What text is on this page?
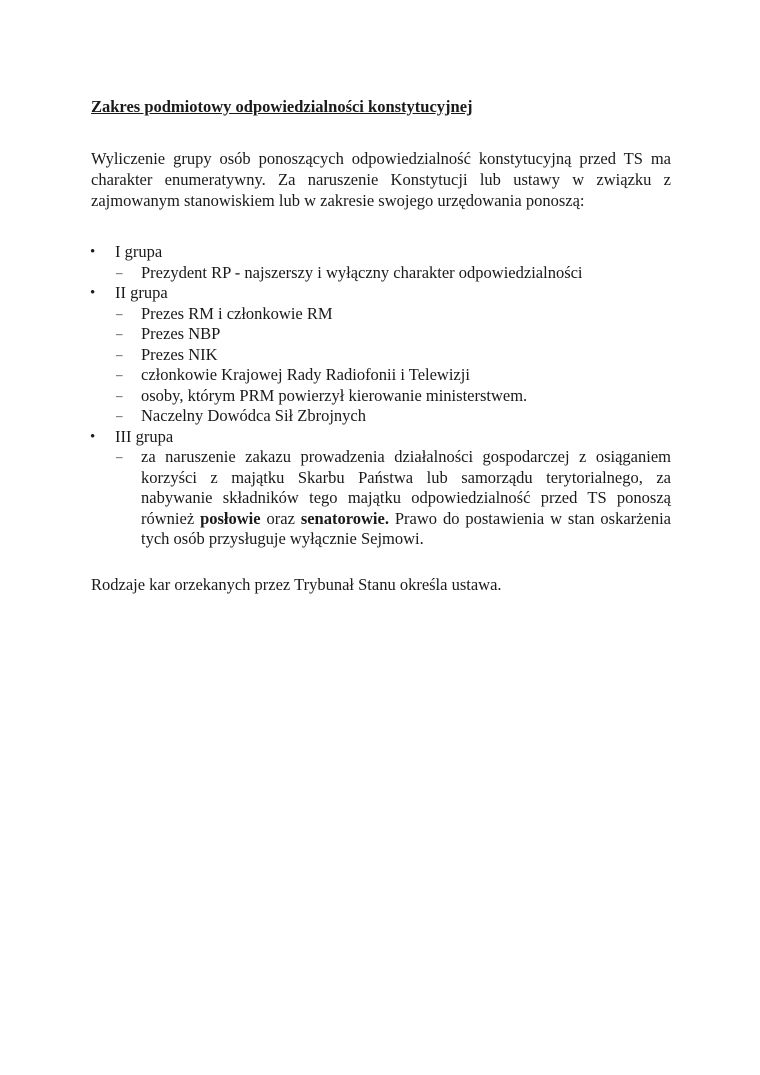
Zakres podmiotowy odpowiedzialności konstytucyjnej

Wyliczenie grupy osób ponoszących odpowiedzialność konstytucyjną przed TS ma charakter enumeratywny. Za naruszenie Konstytucji lub ustawy w związku z zajmowanym stanowiskiem lub w zakresie swojego urzędowania ponoszą:

• I grupa
– Prezydent RP - najszerszy i wyłączny charakter odpowiedzialności
• II grupa
– Prezes RM i członkowie RM
– Prezes NBP
– Prezes NIK
– członkowie Krajowej Rady Radiofonii i Telewizji
– osoby, którym PRM powierzył kierowanie ministerstwem.
– Naczelny Dowódca Sił Zbrojnych
• III grupa
– za naruszenie zakazu prowadzenia działalności gospodarczej z osiąganiem korzyści z majątku Skarbu Państwa lub samorządu terytorialnego, za nabywanie składników tego majątku odpowiedzialność przed TS ponoszą również posłowie oraz senatorowie. Prawo do postawienia w stan oskarżenia tych osób przysługuje wyłącznie Sejmowi.

Rodzaje kar orzekanych przez Trybunał Stanu określa ustawa.
